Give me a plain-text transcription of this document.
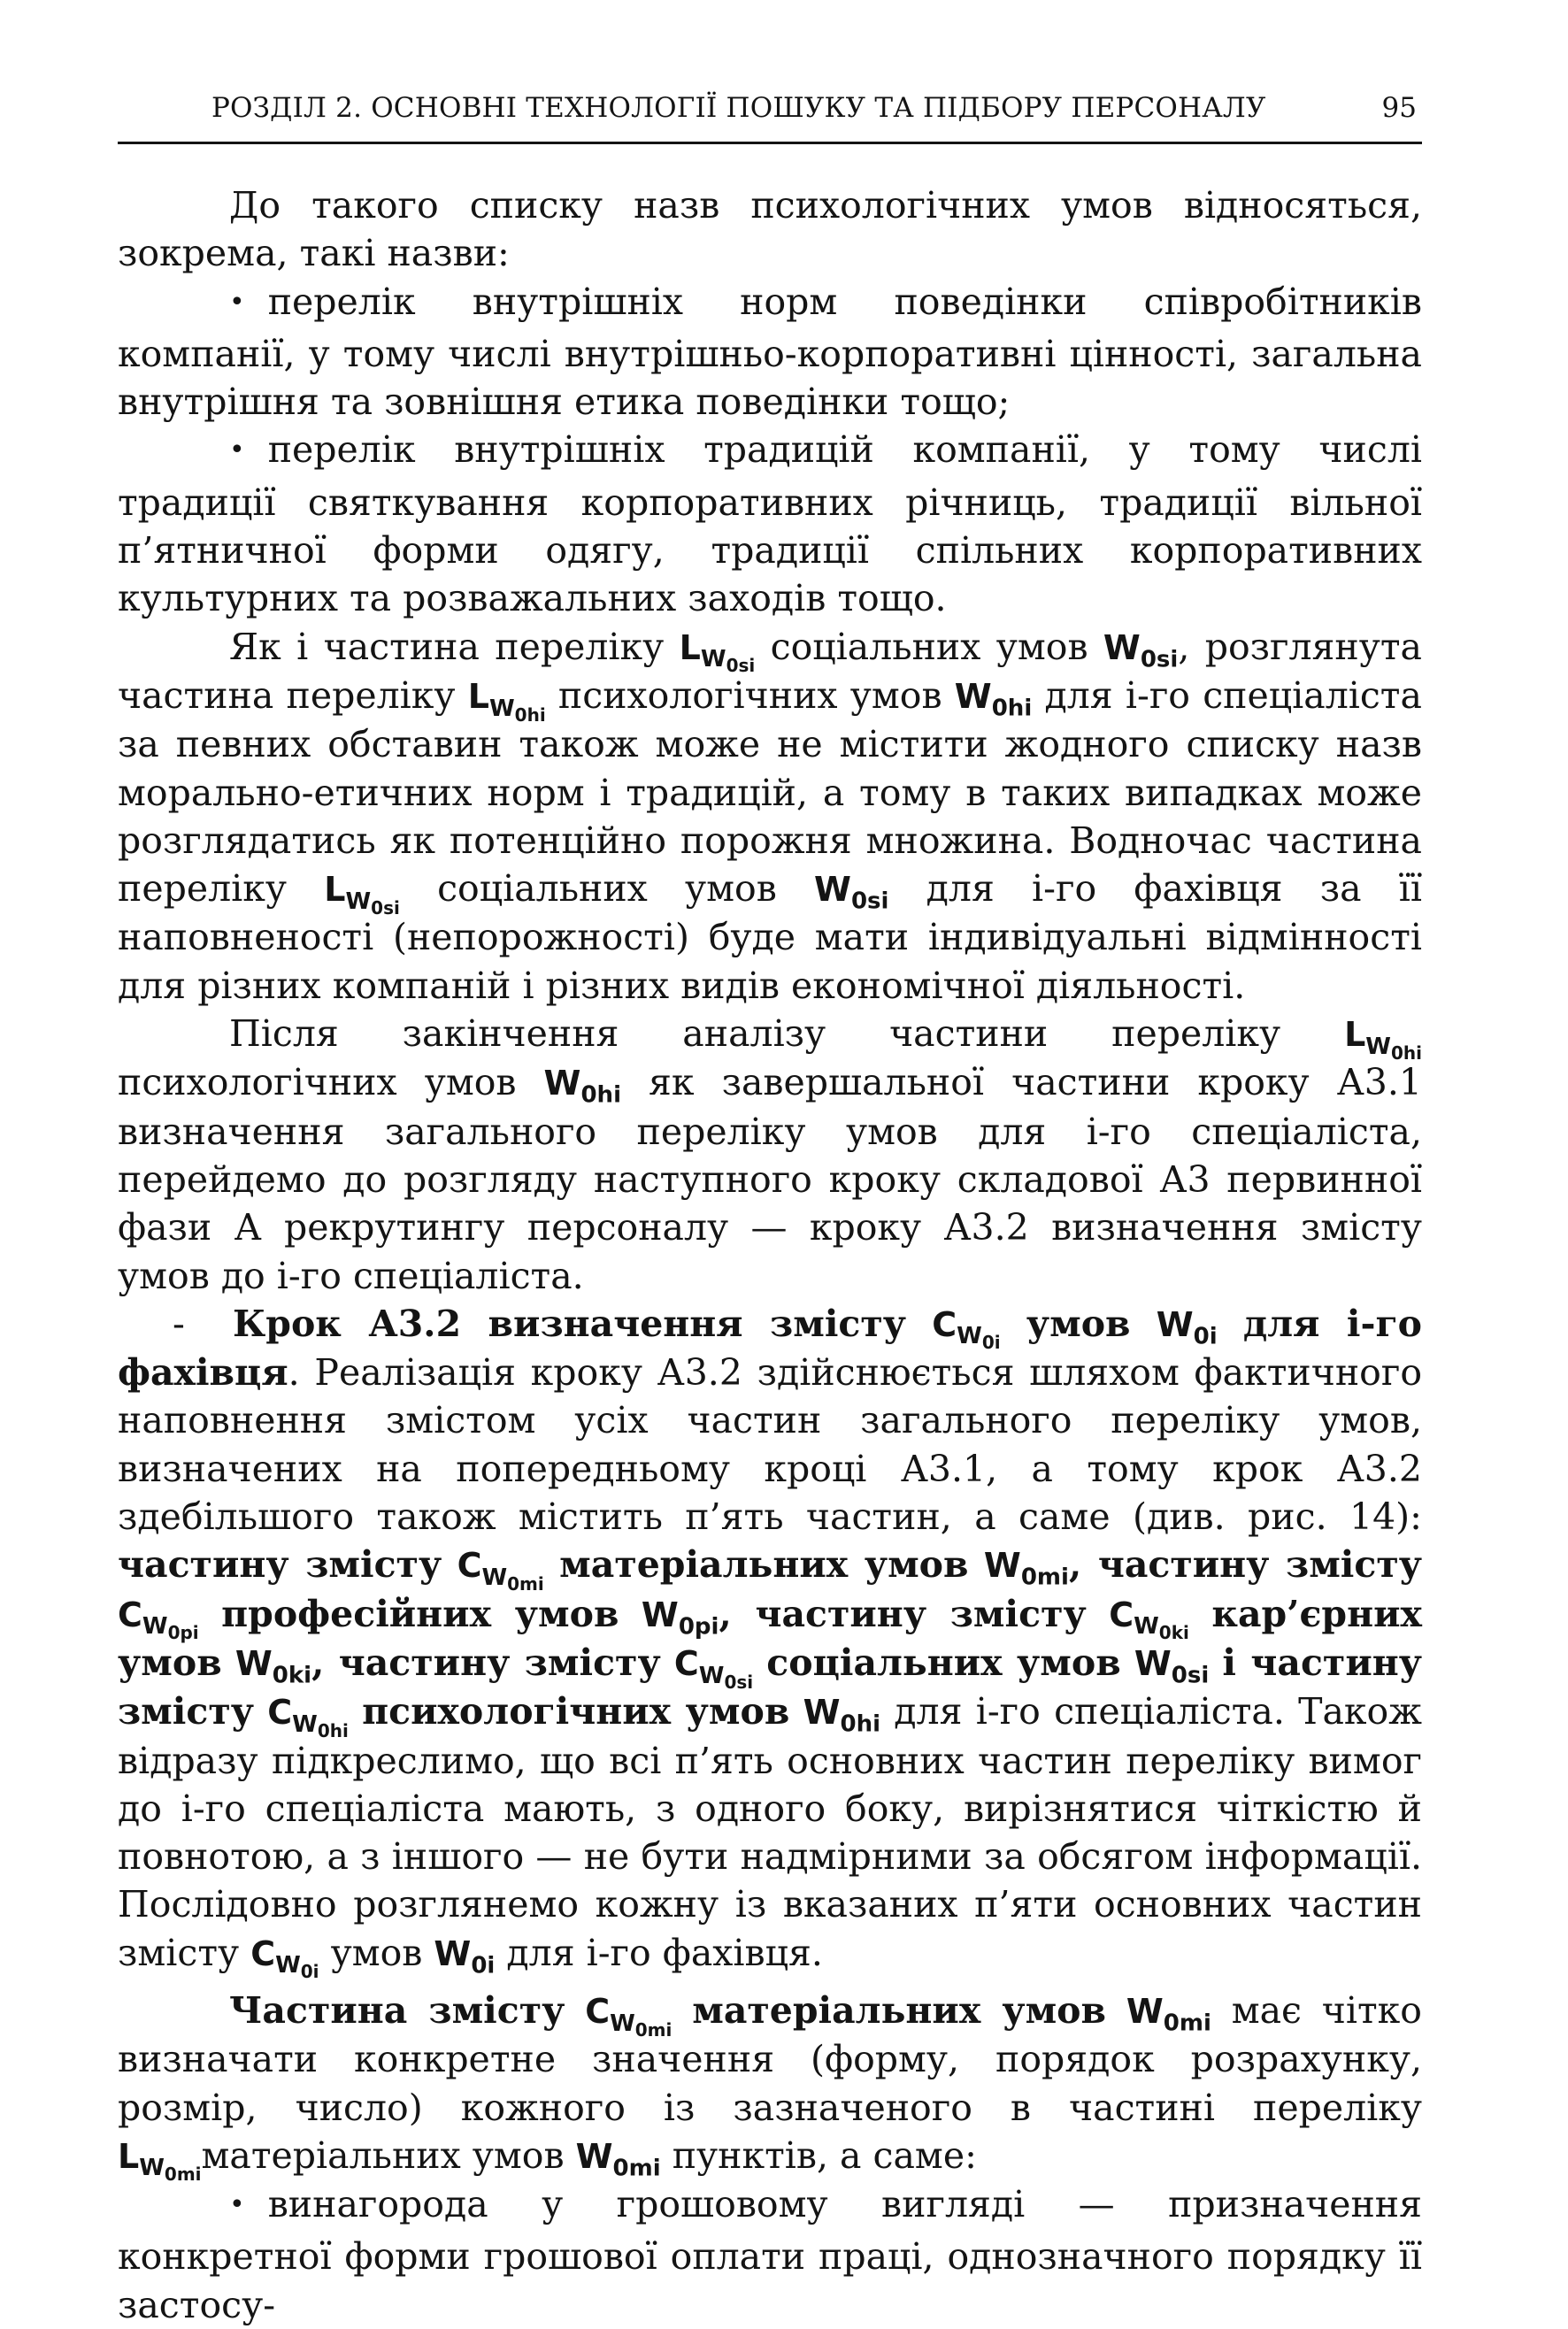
РОЗДІЛ 2. ОСНОВНІ ТЕХНОЛОГІЇ ПОШУКУ ТА ПІДБОРУ ПЕРСОНАЛУ	95

До такого списку назв психологічних умов відносяться, зокрема, такі назви:

• перелік внутрішніх норм поведінки співробітників компанії, у тому числі внутрішньо-корпоративні цінності, загальна внутрішня та зовнішня етика поведінки тощо;

• перелік внутрішніх традицій компанії, у тому числі традиції святкування корпоративних річниць, традиції вільної п’ятничної форми одягу, традиції спільних корпоративних культурних та розважальних заходів тощо.

Як і частина переліку $L_{W_{0si}}$ соціальних умов $W_{0si}$, розглянута частина переліку $L_{W_{0hi}}$ психологічних умов $W_{0hi}$ для і-го спеціаліста за певних обставин також може не містити жодного списку назв морально-етичних норм і традицій, а тому в таких випадках може розглядатись як потенційно порожня множина. Водночас частина переліку $L_{W_{0si}}$ соціальних умов $W_{0si}$ для і-го фахівця за її наповненості (непорожності) буде мати індивідуальні відмінності для різних компаній і різних видів економічної діяльності.

Після закінчення аналізу частини переліку $L_{W_{0hi}}$ психологічних умов $W_{0hi}$ як завершальної частини кроку А3.1 визначення загального переліку умов для і-го спеціаліста, перейдемо до розгляду наступного кроку складової А3 первинної фази А рекрутингу персоналу — кроку А3.2 визначення змісту умов до і-го спеціаліста.

- Крок А3.2 визначення змісту $C_{W_{0i}}$ умов $W_{0i}$ для і-го фахівця. Реалізація кроку А3.2 здійснюється шляхом фактичного наповнення змістом усіх частин загального переліку умов, визначених на попередньому кроці А3.1, а тому крок А3.2 здебільшого також містить п’ять частин, а саме (див. рис. 14): частину змісту $C_{W_{0mi}}$ матеріальних умов $W_{0mi}$, частину змісту $C_{W_{0pi}}$ професійних умов $W_{0pi}$, частину змісту $C_{W_{0ki}}$ кар’єрних умов $W_{0ki}$, частину змісту $C_{W_{0si}}$ соціальних умов $W_{0si}$ і частину змісту $C_{W_{0hi}}$ психологічних умов $W_{0hi}$ для і-го спеціаліста. Також відразу підкреслимо, що всі п’ять основних частин переліку вимог до і-го спеціаліста мають, з одного боку, вирізнятися чіткістю й повнотою, а з іншого — не бути надмірними за обсягом інформації. Послідовно розглянемо кожну із вказаних п’яти основних частин змісту $C_{W_{0i}}$ умов $W_{0i}$ для і-го фахівця.

Частина змісту $C_{W_{0mi}}$ матеріальних умов $W_{0mi}$ має чітко визначати конкретне значення (форму, порядок розрахунку, розмір, число) кожного із зазначеного в частині переліку $L_{W_{0mi}}матеріальних$ умов $W_{0mi}$ пунктів, а саме:

• винагорода у грошовому вигляді — призначення конкретної форми грошової оплати праці, однозначного порядку її застосу-
